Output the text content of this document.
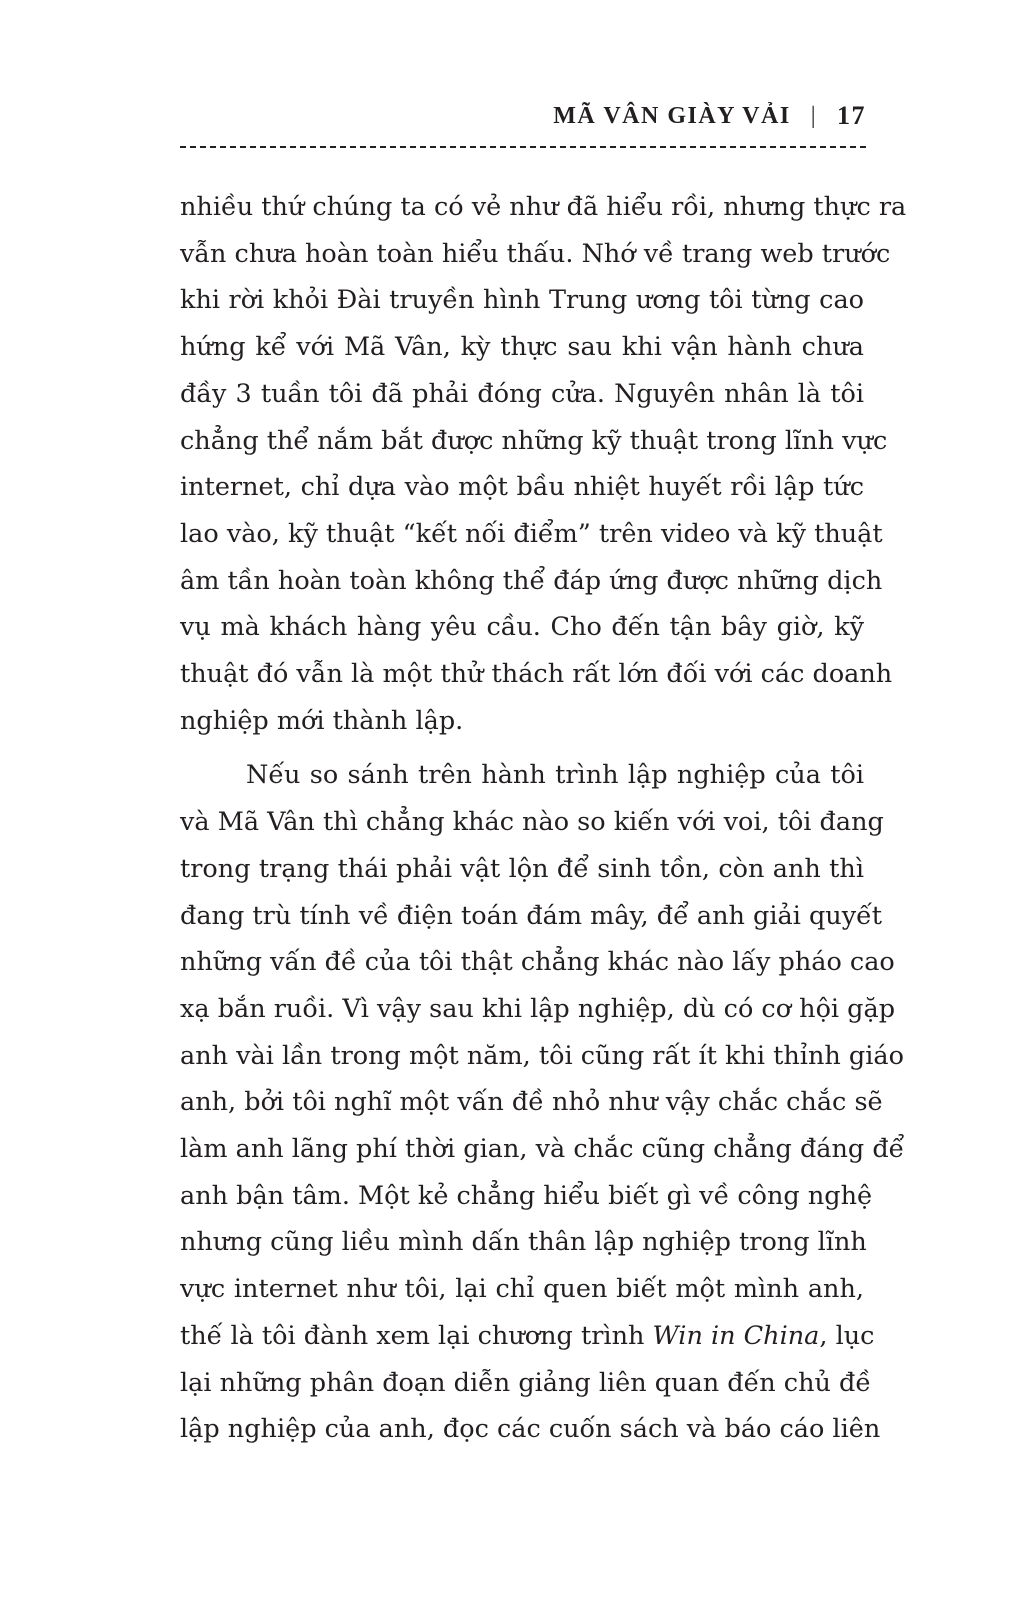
MÃ VÂN GIÀY VẢI | 17
nhiều thứ chúng ta có vẻ như đã hiểu rồi, nhưng thực ra
vẫn chưa hoàn toàn hiểu thấu. Nhớ về trang web trước
khi rời khỏi Đài truyền hình Trung ương tôi từng cao
hứng kể với Mã Vân, kỳ thực sau khi vận hành chưa
đầy 3 tuần tôi đã phải đóng cửa. Nguyên nhân là tôi
chẳng thể nắm bắt được những kỹ thuật trong lĩnh vực
internet, chỉ dựa vào một bầu nhiệt huyết rồi lập tức
lao vào, kỹ thuật “kết nối điểm” trên video và kỹ thuật
âm tần hoàn toàn không thể đáp ứng được những dịch
vụ mà khách hàng yêu cầu. Cho đến tận bây giờ, kỹ
thuật đó vẫn là một thử thách rất lớn đối với các doanh
nghiệp mới thành lập.
Nếu so sánh trên hành trình lập nghiệp của tôi
và Mã Vân thì chẳng khác nào so kiến với voi, tôi đang
trong trạng thái phải vật lộn để sinh tồn, còn anh thì
đang trù tính về điện toán đám mây, để anh giải quyết
những vấn đề của tôi thật chẳng khác nào lấy pháo cao
xạ bắn ruồi. Vì vậy sau khi lập nghiệp, dù có cơ hội gặp
anh vài lần trong một năm, tôi cũng rất ít khi thỉnh giáo
anh, bởi tôi nghĩ một vấn đề nhỏ như vậy chắc chắc sẽ
làm anh lãng phí thời gian, và chắc cũng chẳng đáng để
anh bận tâm. Một kẻ chẳng hiểu biết gì về công nghệ
nhưng cũng liều mình dấn thân lập nghiệp trong lĩnh
vực internet như tôi, lại chỉ quen biết một mình anh,
thế là tôi đành xem lại chương trình Win in China, lục
lại những phân đoạn diễn giảng liên quan đến chủ đề
lập nghiệp của anh, đọc các cuốn sách và báo cáo liên
